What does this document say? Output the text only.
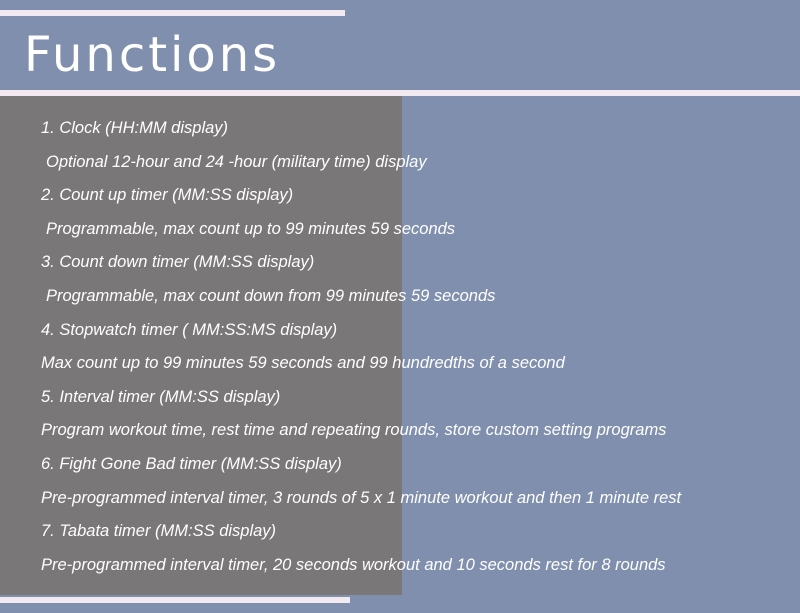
Functions
1. Clock (HH:MM display)
Optional 12-hour and 24 -hour (military time) display
2. Count up timer (MM:SS display)
Programmable, max count up to 99 minutes 59 seconds
3. Count down timer (MM:SS display)
Programmable, max count down from 99 minutes 59 seconds
4. Stopwatch timer ( MM:SS:MS display)
Max count up to 99 minutes 59 seconds and 99 hundredths of a second
5. Interval timer (MM:SS display)
Program workout time, rest time and repeating rounds, store custom setting programs
6. Fight Gone Bad timer (MM:SS display)
Pre-programmed interval timer, 3 rounds of 5 x 1 minute workout and then 1 minute rest
7. Tabata timer (MM:SS display)
Pre-programmed interval timer, 20 seconds workout and 10 seconds rest for 8 rounds
